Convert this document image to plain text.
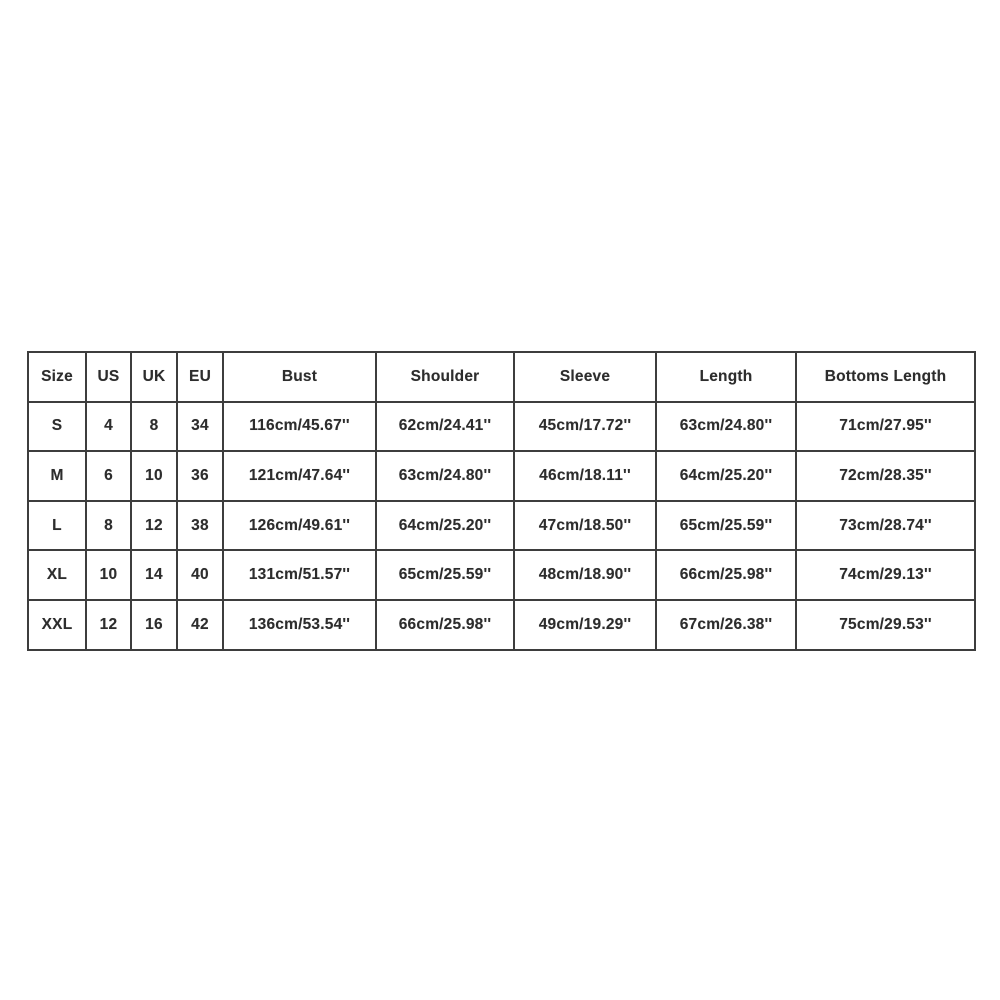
Size	US	UK	EU	Bust	Shoulder	Sleeve	Length	Bottoms Length
S	4	8	34	116cm/45.67''	62cm/24.41''	45cm/17.72''	63cm/24.80''	71cm/27.95''
M	6	10	36	121cm/47.64''	63cm/24.80''	46cm/18.11''	64cm/25.20''	72cm/28.35''
L	8	12	38	126cm/49.61''	64cm/25.20''	47cm/18.50''	65cm/25.59''	73cm/28.74''
XL	10	14	40	131cm/51.57''	65cm/25.59''	48cm/18.90''	66cm/25.98''	74cm/29.13''
XXL	12	16	42	136cm/53.54''	66cm/25.98''	49cm/19.29''	67cm/26.38''	75cm/29.53''
